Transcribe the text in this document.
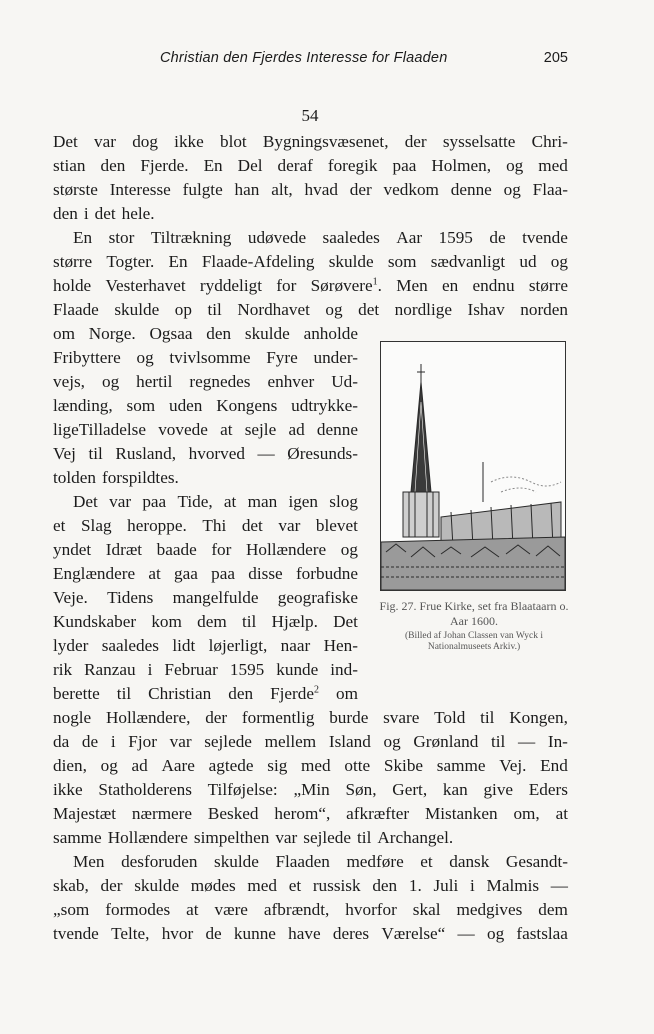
Christian den Fjerdes Interesse for Flaaden	205
54
Det var dog ikke blot Bygningsvæsenet, der sysselsatte Chri-
stian den Fjerde. En Del deraf foregik paa Holmen, og med
største Interesse fulgte han alt, hvad der vedkom denne og Flaa-
den i det hele.
En stor Tiltrækning udøvede saaledes Aar 1595 de tvende
større Togter. En Flaade-Afdeling skulde som sædvanligt ud og
holde Vesterhavet ryddeligt for Sørøvere$^1$. Men en endnu større
Flaade skulde op til Nordhavet og det nordlige Ishav norden
om Norge. Ogsaa den skulde anholde
Fribyttere og tvivlsomme Fyre under-
vejs, og hertil regnedes enhver Ud-
lænding, som uden Kongens udtrykke-
ligeTilladelse vovede at sejle ad denne
Vej til Rusland, hvorved — Øresunds-
tolden forspildtes.
Det var paa Tide, at man igen slog
et Slag heroppe. Thi det var blevet
yndet Idræt baade for Hollændere og
Englændere at gaa paa disse forbudne
Veje. Tidens mangelfulde geografiske
Kundskaber kom dem til Hjælp. Det
lyder saaledes lidt løjerligt, naar Hen-
rik Ranzau i Februar 1595 kunde ind-
berette til Christian den Fjerde$^2$ om
nogle Hollændere, der formentlig burde svare Told til Kongen,
da de i Fjor var sejlede mellem Island og Grønland til — In-
dien, og ad Aare agtede sig med otte Skibe samme Vej. End
ikke Statholderens Tilføjelse: „Min Søn, Gert, kan give Eders
Majestæt nærmere Besked herom“, afkræfter Mistanken om, at
samme Hollændere simpelthen var sejlede til Archangel.
Men desforuden skulde Flaaden medføre et dansk Gesandt-
skab, der skulde mødes med et russisk den 1. Juli i Malmis —
„som formodes at være afbrændt, hvorfor skal medgives dem
tvende Telte, hvor de kunne have deres Værelse“ — og fastslaa
Fig. 27. Frue Kirke, set fra Blaataarn o. Aar 1600.
(Billed af Johan Classen van Wyck i Nationalmuseets Arkiv.)
